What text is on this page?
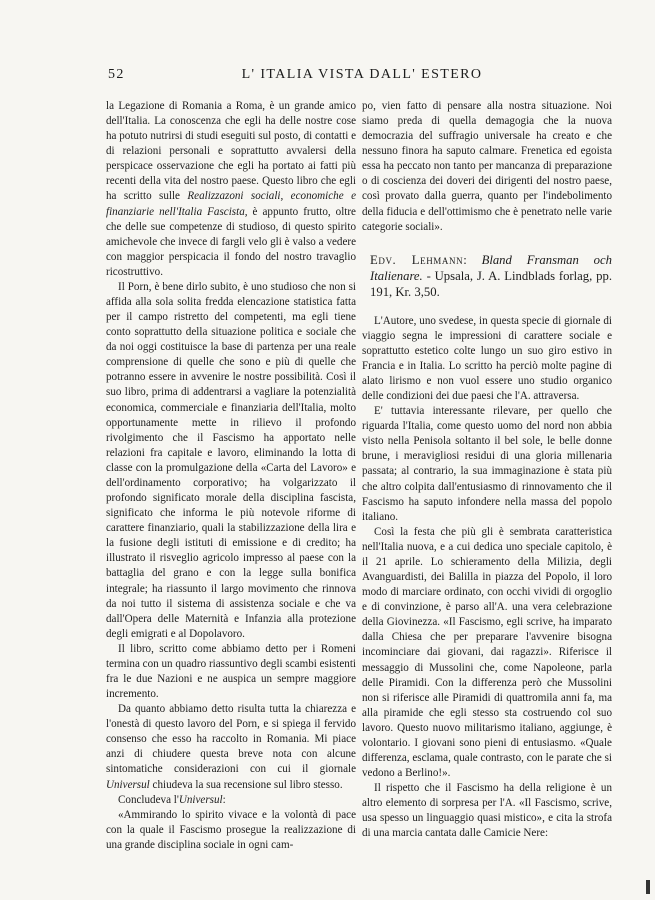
52	L' ITALIA VISTA DALL' ESTERO

la Legazione di Romania a Roma, è un grande amico dell'Italia. La conoscenza che egli ha delle nostre cose ha potuto nutrirsi di studi eseguiti sul posto, di contatti e di relazioni personali e soprattutto avvalersi della perspicace osservazione che egli ha portato ai fatti più recenti della vita del nostro paese. Questo libro che egli ha scritto sulle Realizzazoni sociali, economiche e finanziarie nell'Italia Fascista, è appunto frutto, oltre che delle sue competenze di studioso, di questo spirito amichevole che invece di fargli velo gli è valso a vedere con maggior perspicacia il fondo del nostro travaglio ricostruttivo.

Il Porn, è bene dirlo subito, è uno studioso che non si affida alla sola solita fredda elencazione statistica fatta per il campo ristretto del competenti, ma egli tiene conto soprattutto della situazione politica e sociale che da noi oggi costituisce la base di partenza per una reale comprensione di quelle che sono e più di quelle che potranno essere in avvenire le nostre possibilità. Così il suo libro, prima di addentrarsi a vagliare la potenzialità economica, commerciale e finanziaria dell'Italia, molto opportunamente mette in rilievo il profondo rivolgimento che il Fascismo ha apportato nelle relazioni fra capitale e lavoro, eliminando la lotta di classe con la promulgazione della «Carta del Lavoro» e dell'ordinamento corporativo; ha volgarizzato il profondo significato morale della disciplina fascista, significato che informa le più notevole riforme di carattere finanziario, quali la stabilizzazione della lira e la fusione degli istituti di emissione e di credito; ha illustrato il risveglio agricolo impresso al paese con la battaglia del grano e con la legge sulla bonifica integrale; ha riassunto il largo movimento che rinnova da noi tutto il sistema di assistenza sociale e che va dall'Opera delle Maternità e Infanzia alla protezione degli emigrati e al Dopolavoro.

Il libro, scritto come abbiamo detto per i Romeni termina con un quadro riassuntivo degli scambi esistenti fra le due Nazioni e ne auspica un sempre maggiore incremento.

Da quanto abbiamo detto risulta tutta la chiarezza e l'onestà di questo lavoro del Porn, e si spiega il fervido consenso che esso ha raccolto in Romania. Mi piace anzi di chiudere questa breve nota con alcune sintomatiche considerazioni con cui il giornale Universul chiudeva la sua recensione sul libro stesso.

Concludeva l'Universul:

«Ammirando lo spirito vivace e la volontà di pace con la quale il Fascismo prosegue la realizzazione di una grande disciplina sociale in ogni cam-

po, vien fatto di pensare alla nostra situazione. Noi siamo preda di quella demagogia che la nuova democrazia del suffragio universale ha creato e che nessuno finora ha saputo calmare. Frenetica ed egoista essa ha peccato non tanto per mancanza di preparazione o di coscienza dei doveri dei dirigenti del nostro paese, così provato dalla guerra, quanto per l'indebolimento della fiducia e dell'ottimismo che è penetrato nelle varie categorie sociali».

Edv. Lehmann: Bland Fransman och Italienare. - Upsala, J. A. Lindblads forlag, pp. 191, Kr. 3,50.

L'Autore, uno svedese, in questa specie di giornale di viaggio segna le impressioni di carattere sociale e soprattutto estetico colte lungo un suo giro estivo in Francia e in Italia. Lo scritto ha perciò molte pagine di alato lirismo e non vuol essere uno studio organico delle condizioni dei due paesi che l'A. attraversa.

E' tuttavia interessante rilevare, per quello che riguarda l'Italia, come questo uomo del nord non abbia visto nella Penisola soltanto il bel sole, le belle donne brune, i meravigliosi residui di una gloria millenaria passata; al contrario, la sua immaginazione è stata più che altro colpita dall'entusiasmo di rinnovamento che il Fascismo ha saputo infondere nella massa del popolo italiano.

Così la festa che più gli è sembrata caratteristica nell'Italia nuova, e a cui dedica uno speciale capitolo, è il 21 aprile. Lo schieramento della Milizia, degli Avanguardisti, dei Balilla in piazza del Popolo, il loro modo di marciare ordinato, con occhi vividi di orgoglio e di convinzione, è parso all'A. una vera celebrazione della Giovinezza. «Il Fascismo, egli scrive, ha imparato dalla Chiesa che per preparare l'avvenire bisogna incominciare dai giovani, dai ragazzi». Riferisce il messaggio di Mussolini che, come Napoleone, parla delle Piramidi. Con la differenza però che Mussolini non si riferisce alle Piramidi di quattromila anni fa, ma alla piramide che egli stesso sta costruendo col suo lavoro. Questo nuovo militarismo italiano, aggiunge, è volontario. I giovani sono pieni di entusiasmo. «Quale differenza, esclama, quale contrasto, con le parate che si vedono a Berlino!».

Il rispetto che il Fascismo ha della religione è un altro elemento di sorpresa per l'A. «Il Fascismo, scrive, usa spesso un linguaggio quasi mistico», e cita la strofa di una marcia cantata dalle Camicie Nere:
